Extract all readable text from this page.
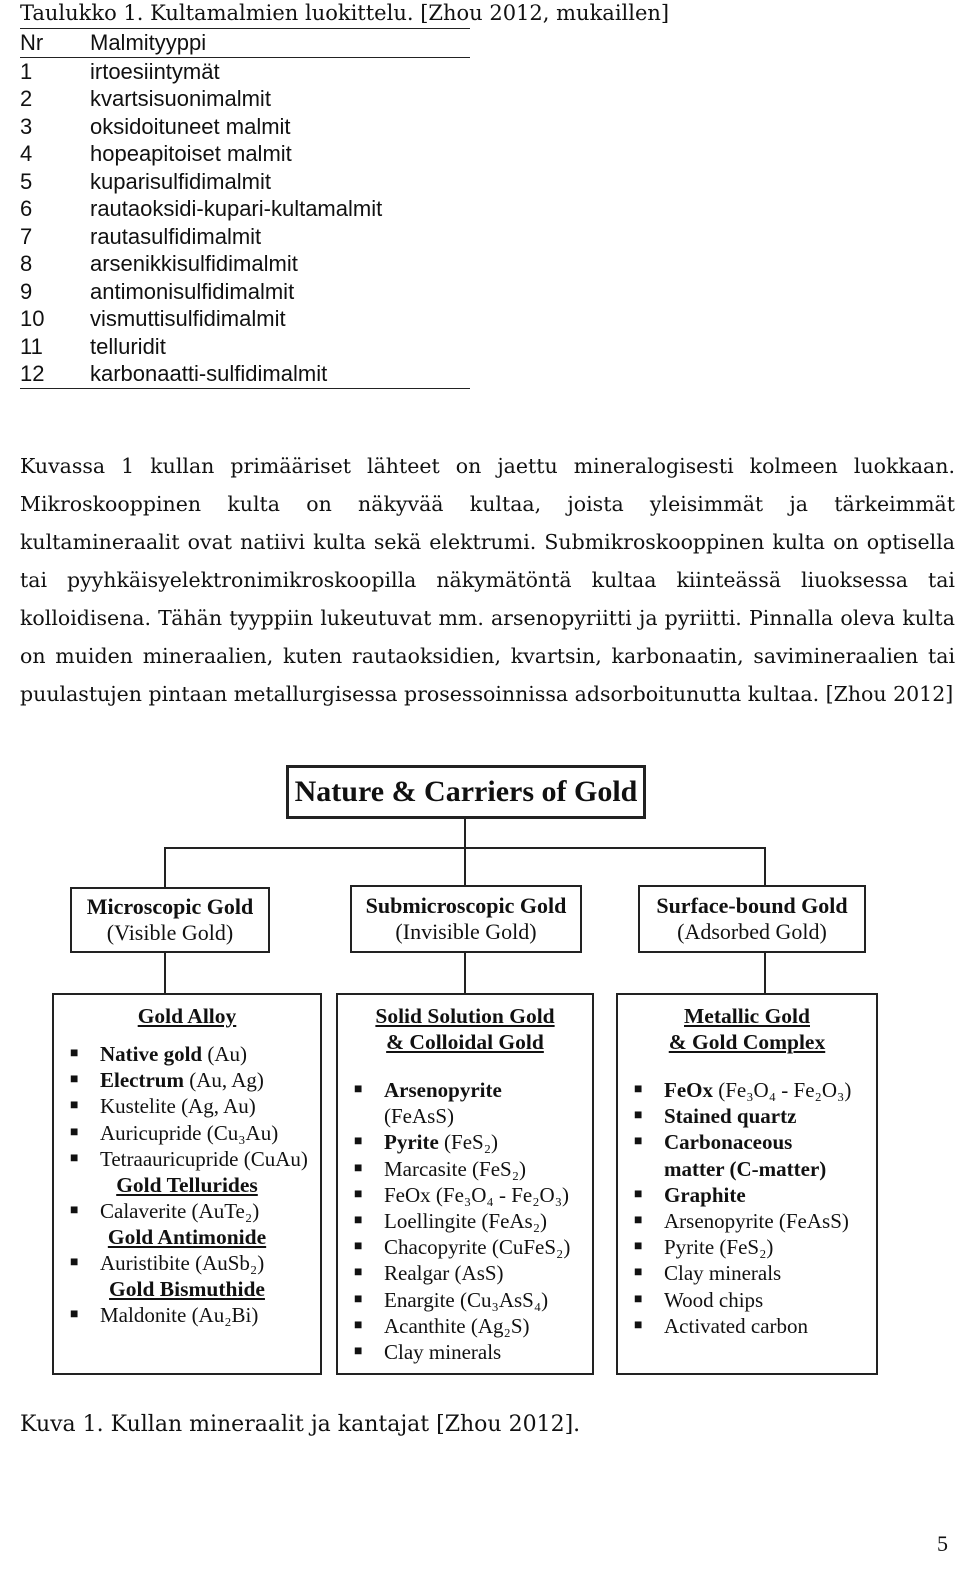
Taulukko 1. Kultamalmien luokittelu. [Zhou 2012, mukaillen]
Nr	Malmityyppi
1	irtoesiintymät
2	kvartsisuonimalmit
3	oksidoituneet malmit
4	hopeapitoiset malmit
5	kuparisulfidimalmit
6	rautaoksidi-kupari-kultamalmit
7	rautasulfidimalmit
8	arsenikkisulfidimalmit
9	antimonisulfidimalmit
10	vismuttisulfidimalmit
11	telluridit
12	karbonaatti-sulfidimalmit
Kuvassa 1 kullan primääriset lähteet on jaettu mineralogisesti kolmeen luokkaan. Mikroskooppinen kulta on näkyvää kultaa, joista yleisimmät ja tärkeimmät kultamineraalit ovat natiivi kulta sekä elektrumi. Submikroskooppinen kulta on optisella tai pyyhkäisyelektronimikroskoopilla näkymätöntä kultaa kiinteässä liuoksessa tai kolloidisena. Tähän tyyppiin lukeutuvat mm. arsenopyriitti ja pyriitti. Pinnalla oleva kulta on muiden mineraalien, kuten rautaoksidien, kvartsin, karbonaatin, savimineraalien tai puulastujen pintaan metallurgisessa prosessoinnissa adsorboitunutta kultaa. [Zhou 2012]
Nature & Carriers of Gold
Microscopic Gold
(Visible Gold)
Submicroscopic Gold
(Invisible Gold)
Surface-bound Gold
(Adsorbed Gold)
Gold Alloy
■ Native gold (Au)
■ Electrum (Au, Ag)
■ Kustelite (Ag, Au)
■ Auricupride (Cu₃Au)
■ Tetraauricupride (CuAu)
Gold Tellurides
■ Calaverite (AuTe₂)
Gold Antimonide
■ Auristibite (AuSb₂)
Gold Bismuthide
■ Maldonite (Au₂Bi)
Solid Solution Gold
& Colloidal Gold
■ Arsenopyrite
(FeAsS)
■ Pyrite (FeS₂)
■ Marcasite (FeS₂)
■ FeOx (Fe₃O₄ - Fe₂O₃)
■ Loellingite (FeAs₂)
■ Chacopyrite (CuFeS₂)
■ Realgar (AsS)
■ Enargite (Cu₃AsS₄)
■ Acanthite (Ag₂S)
■ Clay minerals
Metallic Gold
& Gold Complex
■ FeOx (Fe₃O₄ - Fe₂O₃)
■ Stained quartz
■ Carbonaceous
matter (C-matter)
■ Graphite
■ Arsenopyrite (FeAsS)
■ Pyrite (FeS₂)
■ Clay minerals
■ Wood chips
■ Activated carbon
Kuva 1. Kullan mineraalit ja kantajat [Zhou 2012].
5
